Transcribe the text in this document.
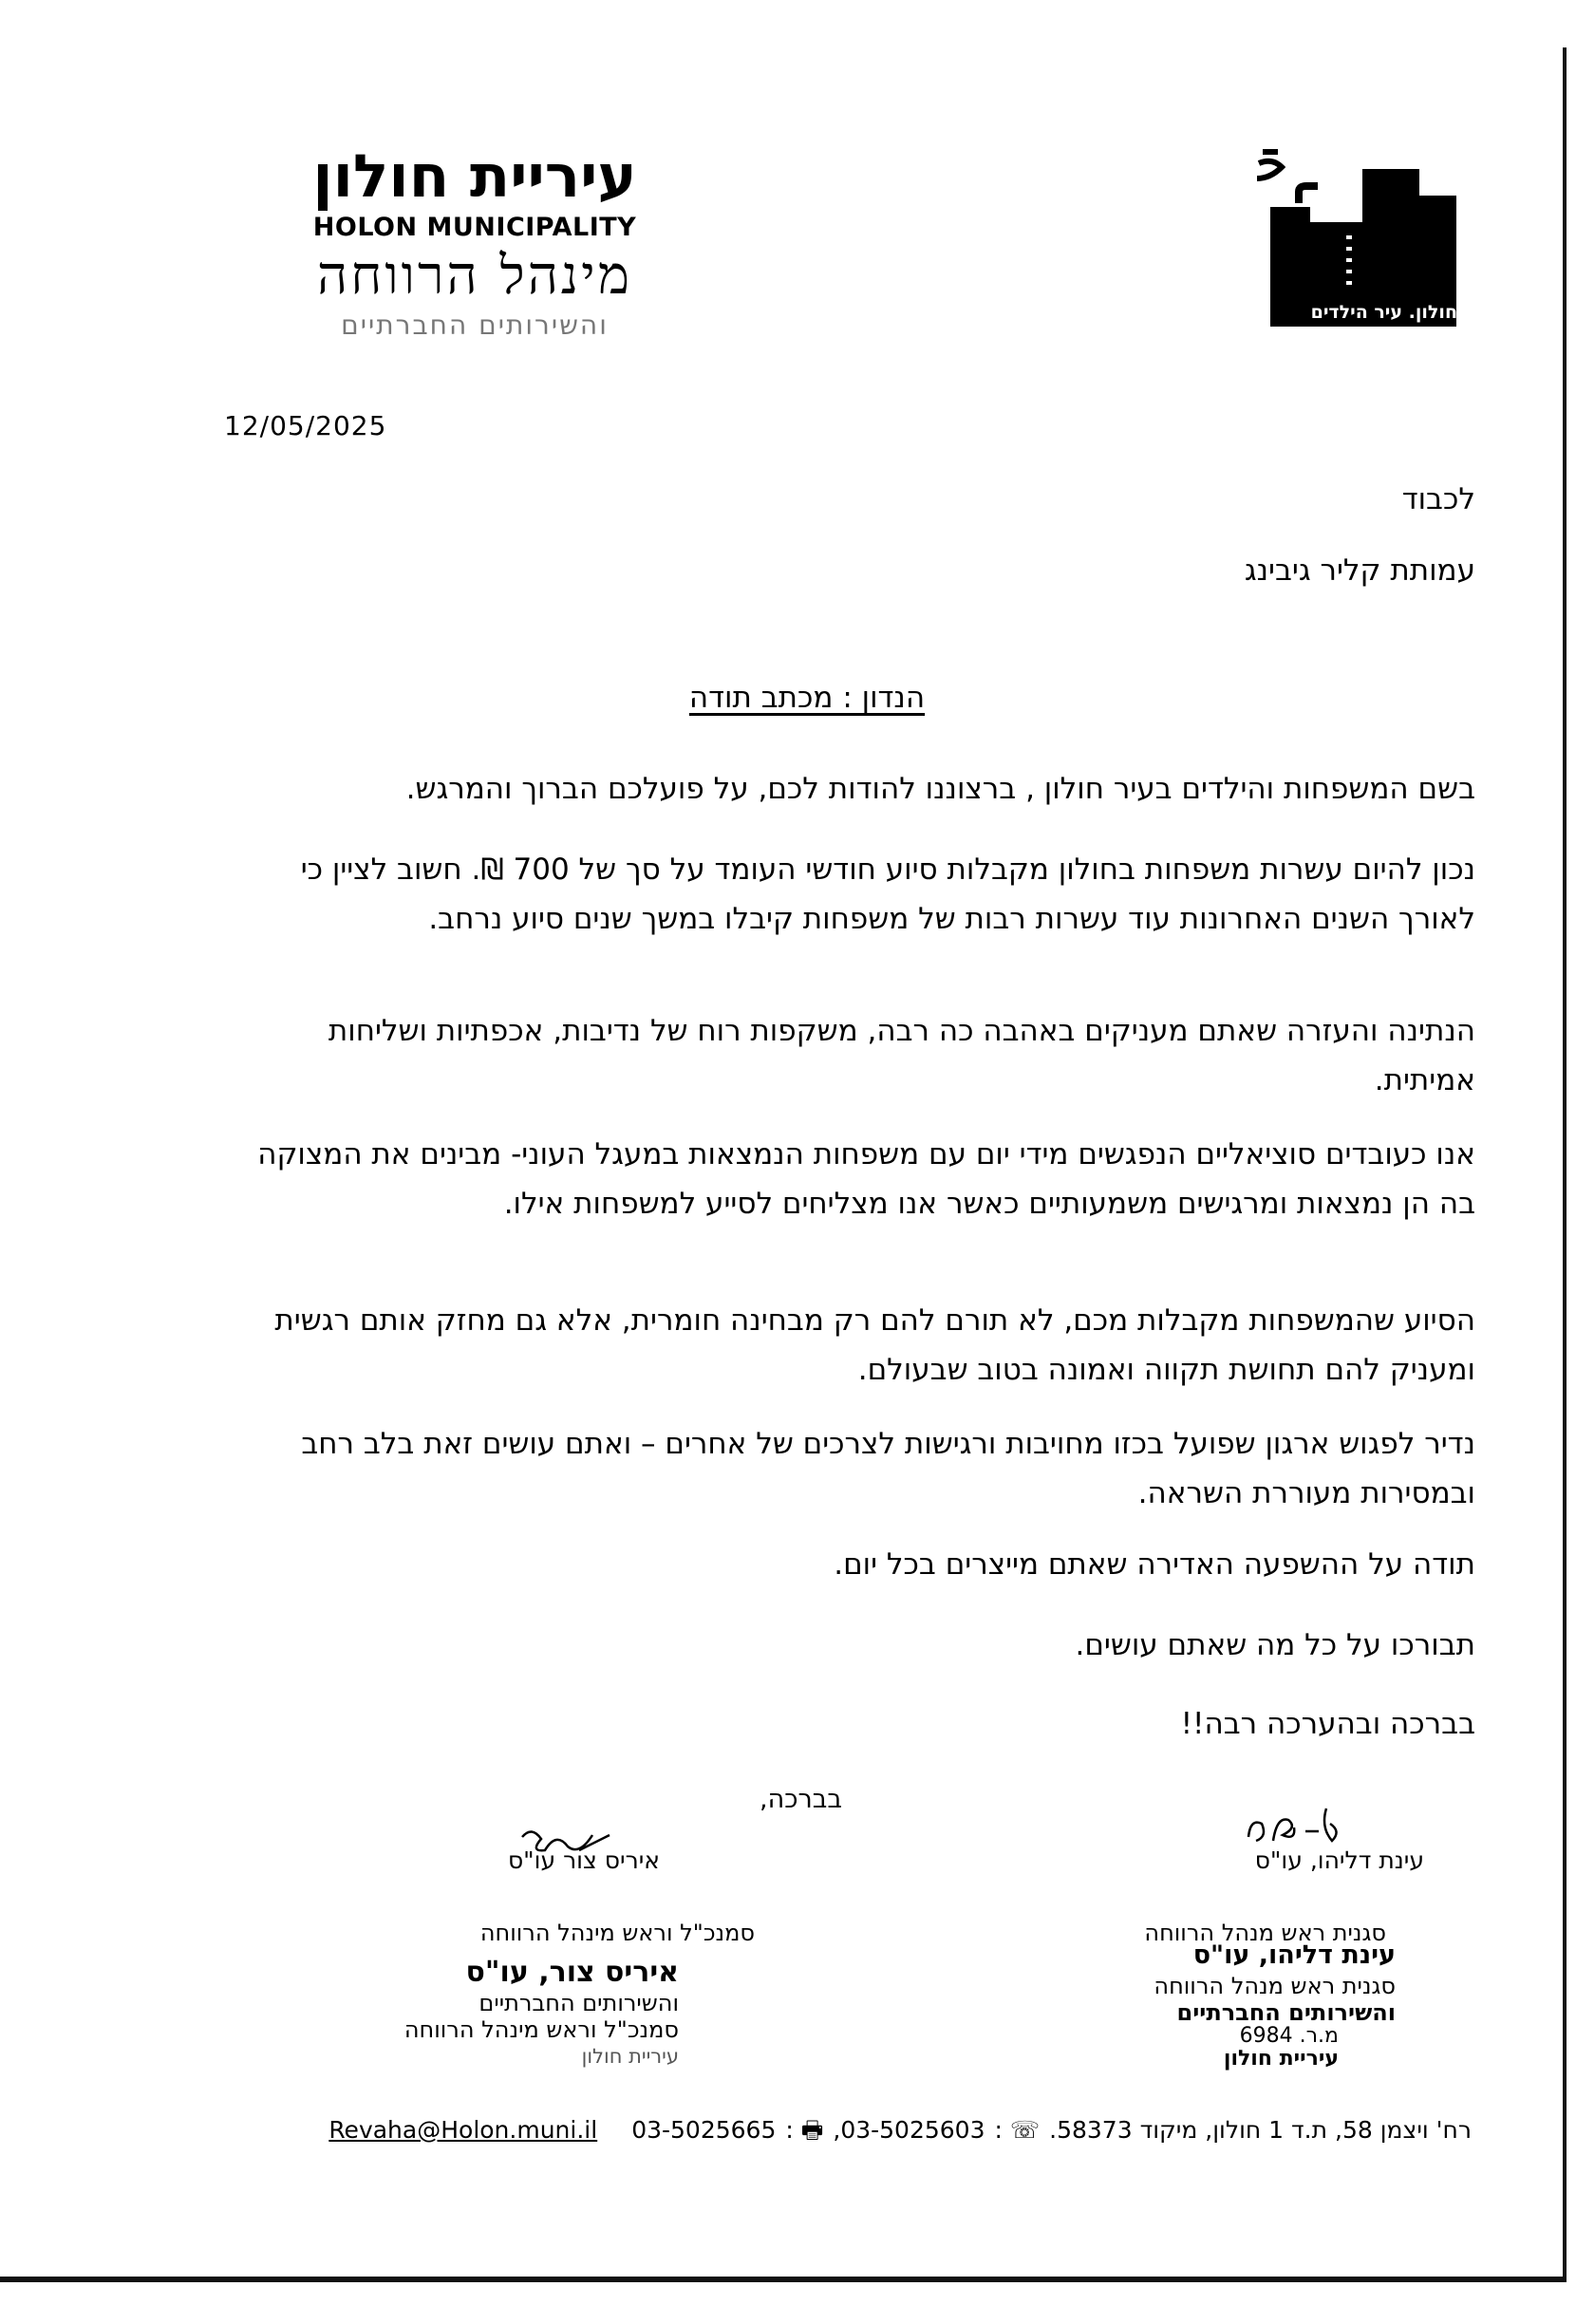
עיריית חולון
HOLON MUNICIPALITY
מינהל הרווחה
והשירותים החברתיים	חולון. עיר הילדים
12/05/2025
לכבוד
עמותת קליר גיבינג
הנדון : מכתב תודה
בשם המשפחות והילדים בעיר חולון , ברצוננו להודות לכם, על פועלכם הברוך והמרגש.
נכון להיום עשרות משפחות בחולון מקבלות סיוע חודשי העומד על סך של 700 ₪. חשוב לציין כי לאורך השנים האחרונות עוד עשרות רבות של משפחות קיבלו במשך שנים סיוע נרחב.
הנתינה והעזרה שאתם מעניקים באהבה כה רבה, משקפות רוח של נדיבות, אכפתיות ושליחות אמיתית.
אנו כעובדים סוציאליים הנפגשים מידי יום עם משפחות הנמצאות במעגל העוני- מבינים את המצוקה בה הן נמצאות ומרגישים משמעותיים כאשר אנו מצליחים לסייע למשפחות אילו.
הסיוע שהמשפחות מקבלות מכם, לא תורם להם רק מבחינה חומרית, אלא גם מחזק אותם רגשית ומעניק להם תחושת תקווה ואמונה בטוב שבעולם.
נדיר לפגוש ארגון שפועל בכזו מחויבות ורגישות לצרכים של אחרים – ואתם עושים זאת בלב רחב ובמסירות מעוררת השראה.
תודה על ההשפעה האדירה שאתם מייצרים בכל יום.
תבורכו על כל מה שאתם עושים.
בברכה ובהערכה רבה!!
בברכה,
עינת דליהו, עו"ס
סגנית ראש מנהל הרווחה
עינת דליהו, עו"ס
סגנית ראש מנהל הרווחה
והשירותים החברתיים
מ.ר. 6984
עיריית חולון
איריס צור עו"ס
סמנכ"ל וראש מינהל הרווחה
איריס צור, עו"ס
והשירותים החברתיים
סמנכ"ל וראש מינהל הרווחה
עיריית חולון
רח' ויצמן 58, ת.ד 1 חולון, מיקוד 58373.
☏ :
03-5025603
,
🖶 :
03-5025665
Revaha@Holon.muni.il
